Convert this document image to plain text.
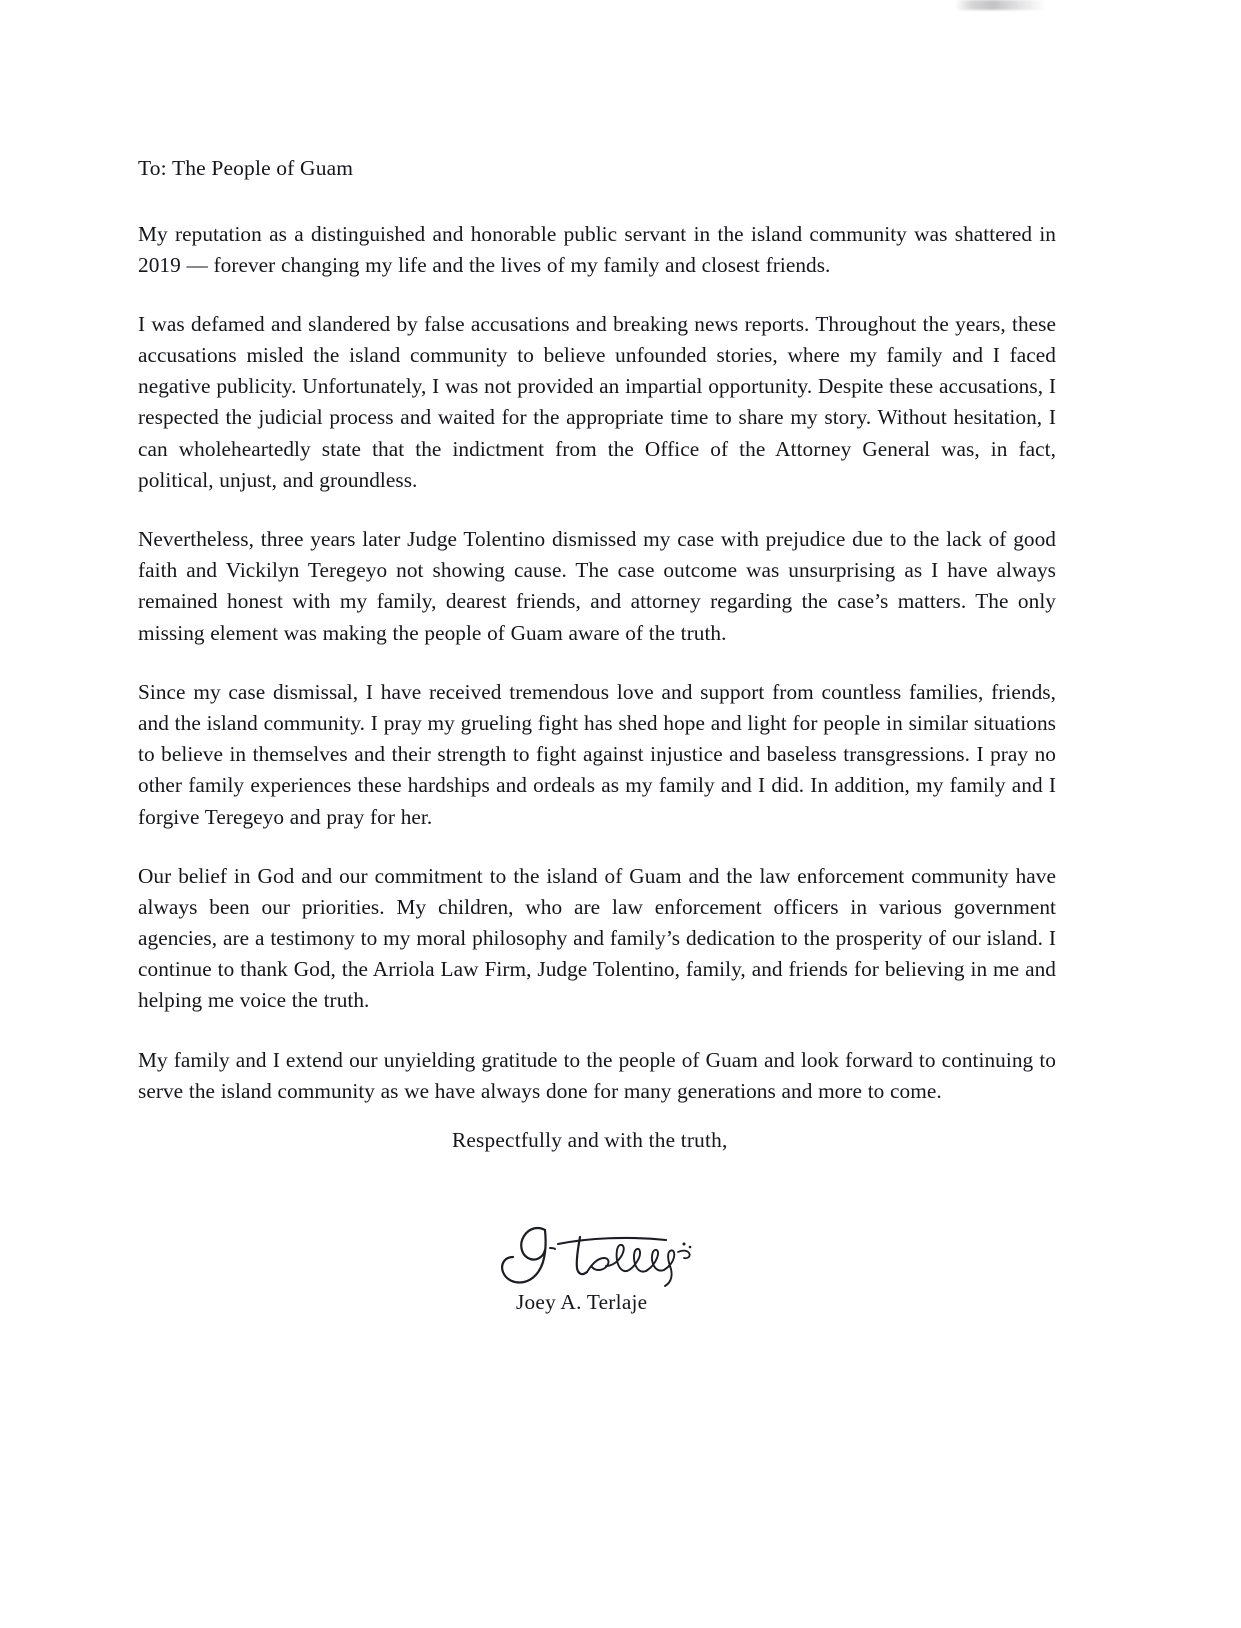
To: The People of Guam

My reputation as a distinguished and honorable public servant in the island community was shattered in 2019 — forever changing my life and the lives of my family and closest friends.

I was defamed and slandered by false accusations and breaking news reports. Throughout the years, these accusations misled the island community to believe unfounded stories, where my family and I faced negative publicity. Unfortunately, I was not provided an impartial opportunity. Despite these accusations, I respected the judicial process and waited for the appropriate time to share my story. Without hesitation, I can wholeheartedly state that the indictment from the Office of the Attorney General was, in fact, political, unjust, and groundless.

Nevertheless, three years later Judge Tolentino dismissed my case with prejudice due to the lack of good faith and Vickilyn Teregeyo not showing cause. The case outcome was unsurprising as I have always remained honest with my family, dearest friends, and attorney regarding the case’s matters. The only missing element was making the people of Guam aware of the truth.

Since my case dismissal, I have received tremendous love and support from countless families, friends, and the island community. I pray my grueling fight has shed hope and light for people in similar situations to believe in themselves and their strength to fight against injustice and baseless transgressions. I pray no other family experiences these hardships and ordeals as my family and I did. In addition, my family and I forgive Teregeyo and pray for her.

Our belief in God and our commitment to the island of Guam and the law enforcement community have always been our priorities. My children, who are law enforcement officers in various government agencies, are a testimony to my moral philosophy and family’s dedication to the prosperity of our island. I continue to thank God, the Arriola Law Firm, Judge Tolentino, family, and friends for believing in me and helping me voice the truth.

My family and I extend our unyielding gratitude to the people of Guam and look forward to continuing to serve the island community as we have always done for many generations and more to come.

Respectfully and with the truth,

Joey A. Terlaje
